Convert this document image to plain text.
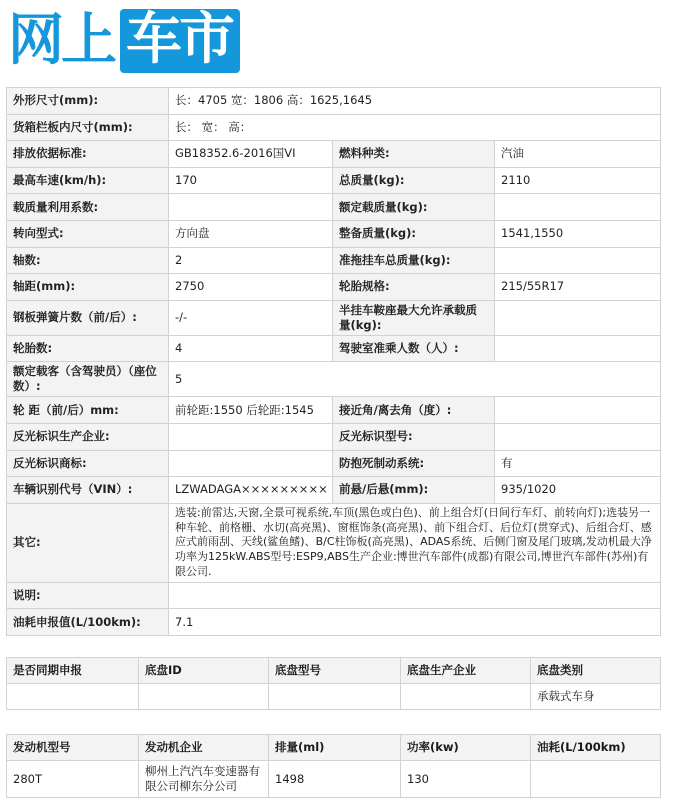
网上 车市
外形尺寸(mm):	长：4705 宽：1806 高：1625,1645		
货箱栏板内尺寸(mm):	长： 宽： 高：		
排放依据标准:	GB18352.6-2016国VI	燃料种类:	汽油
最高车速(km/h):	170	总质量(kg):	2110
载质量利用系数:		额定载质量(kg):	
转向型式:	方向盘	整备质量(kg):	1541,1550
轴数:	2	准拖挂车总质量(kg):	
轴距(mm):	2750	轮胎规格:	215/55R17
钢板弹簧片数（前/后）:	-/-	半挂车鞍座最大允许承载质量(kg):	
轮胎数:	4	驾驶室准乘人数（人）:	
额定载客（含驾驶员）（座位数）:	5		
轮 距（前/后）mm:	前轮距:1550 后轮距:1545	接近角/离去角（度）:	
反光标识生产企业:		反光标识型号:	
反光标识商标:		防抱死制动系统:	有
车辆识别代号（VIN）:	LZWADAGA×××××××××	前悬/后悬(mm):	935/1020
其它:	选装:前雷达,天窗,全景可视系统,车顶(黑色或白色)、前上组合灯(日间行车灯、前转向灯);选装另一种车轮、前格栅、水切(高亮黑)、窗框饰条(高亮黑)、前下组合灯、后位灯(贯穿式)、后组合灯、感应式前雨刮、天线(鲨鱼鳍)、B/C柱饰板(高亮黑)、ADAS系统、后侧门窗及尾门玻璃,发动机最大净功率为125kW.ABS型号:ESP9,ABS生产企业:博世汽车部件(成都)有限公司,博世汽车部件(苏州)有限公司.		
说明:			
油耗申报值(L/100km):	7.1		
是否同期申报	底盘ID	底盘型号	底盘生产企业	底盘类别
				承载式车身
发动机型号	发动机企业	排量(ml)	功率(kw)	油耗(L/100km)
280T	柳州上汽汽车变速器有限公司柳东分公司	1498	130	
